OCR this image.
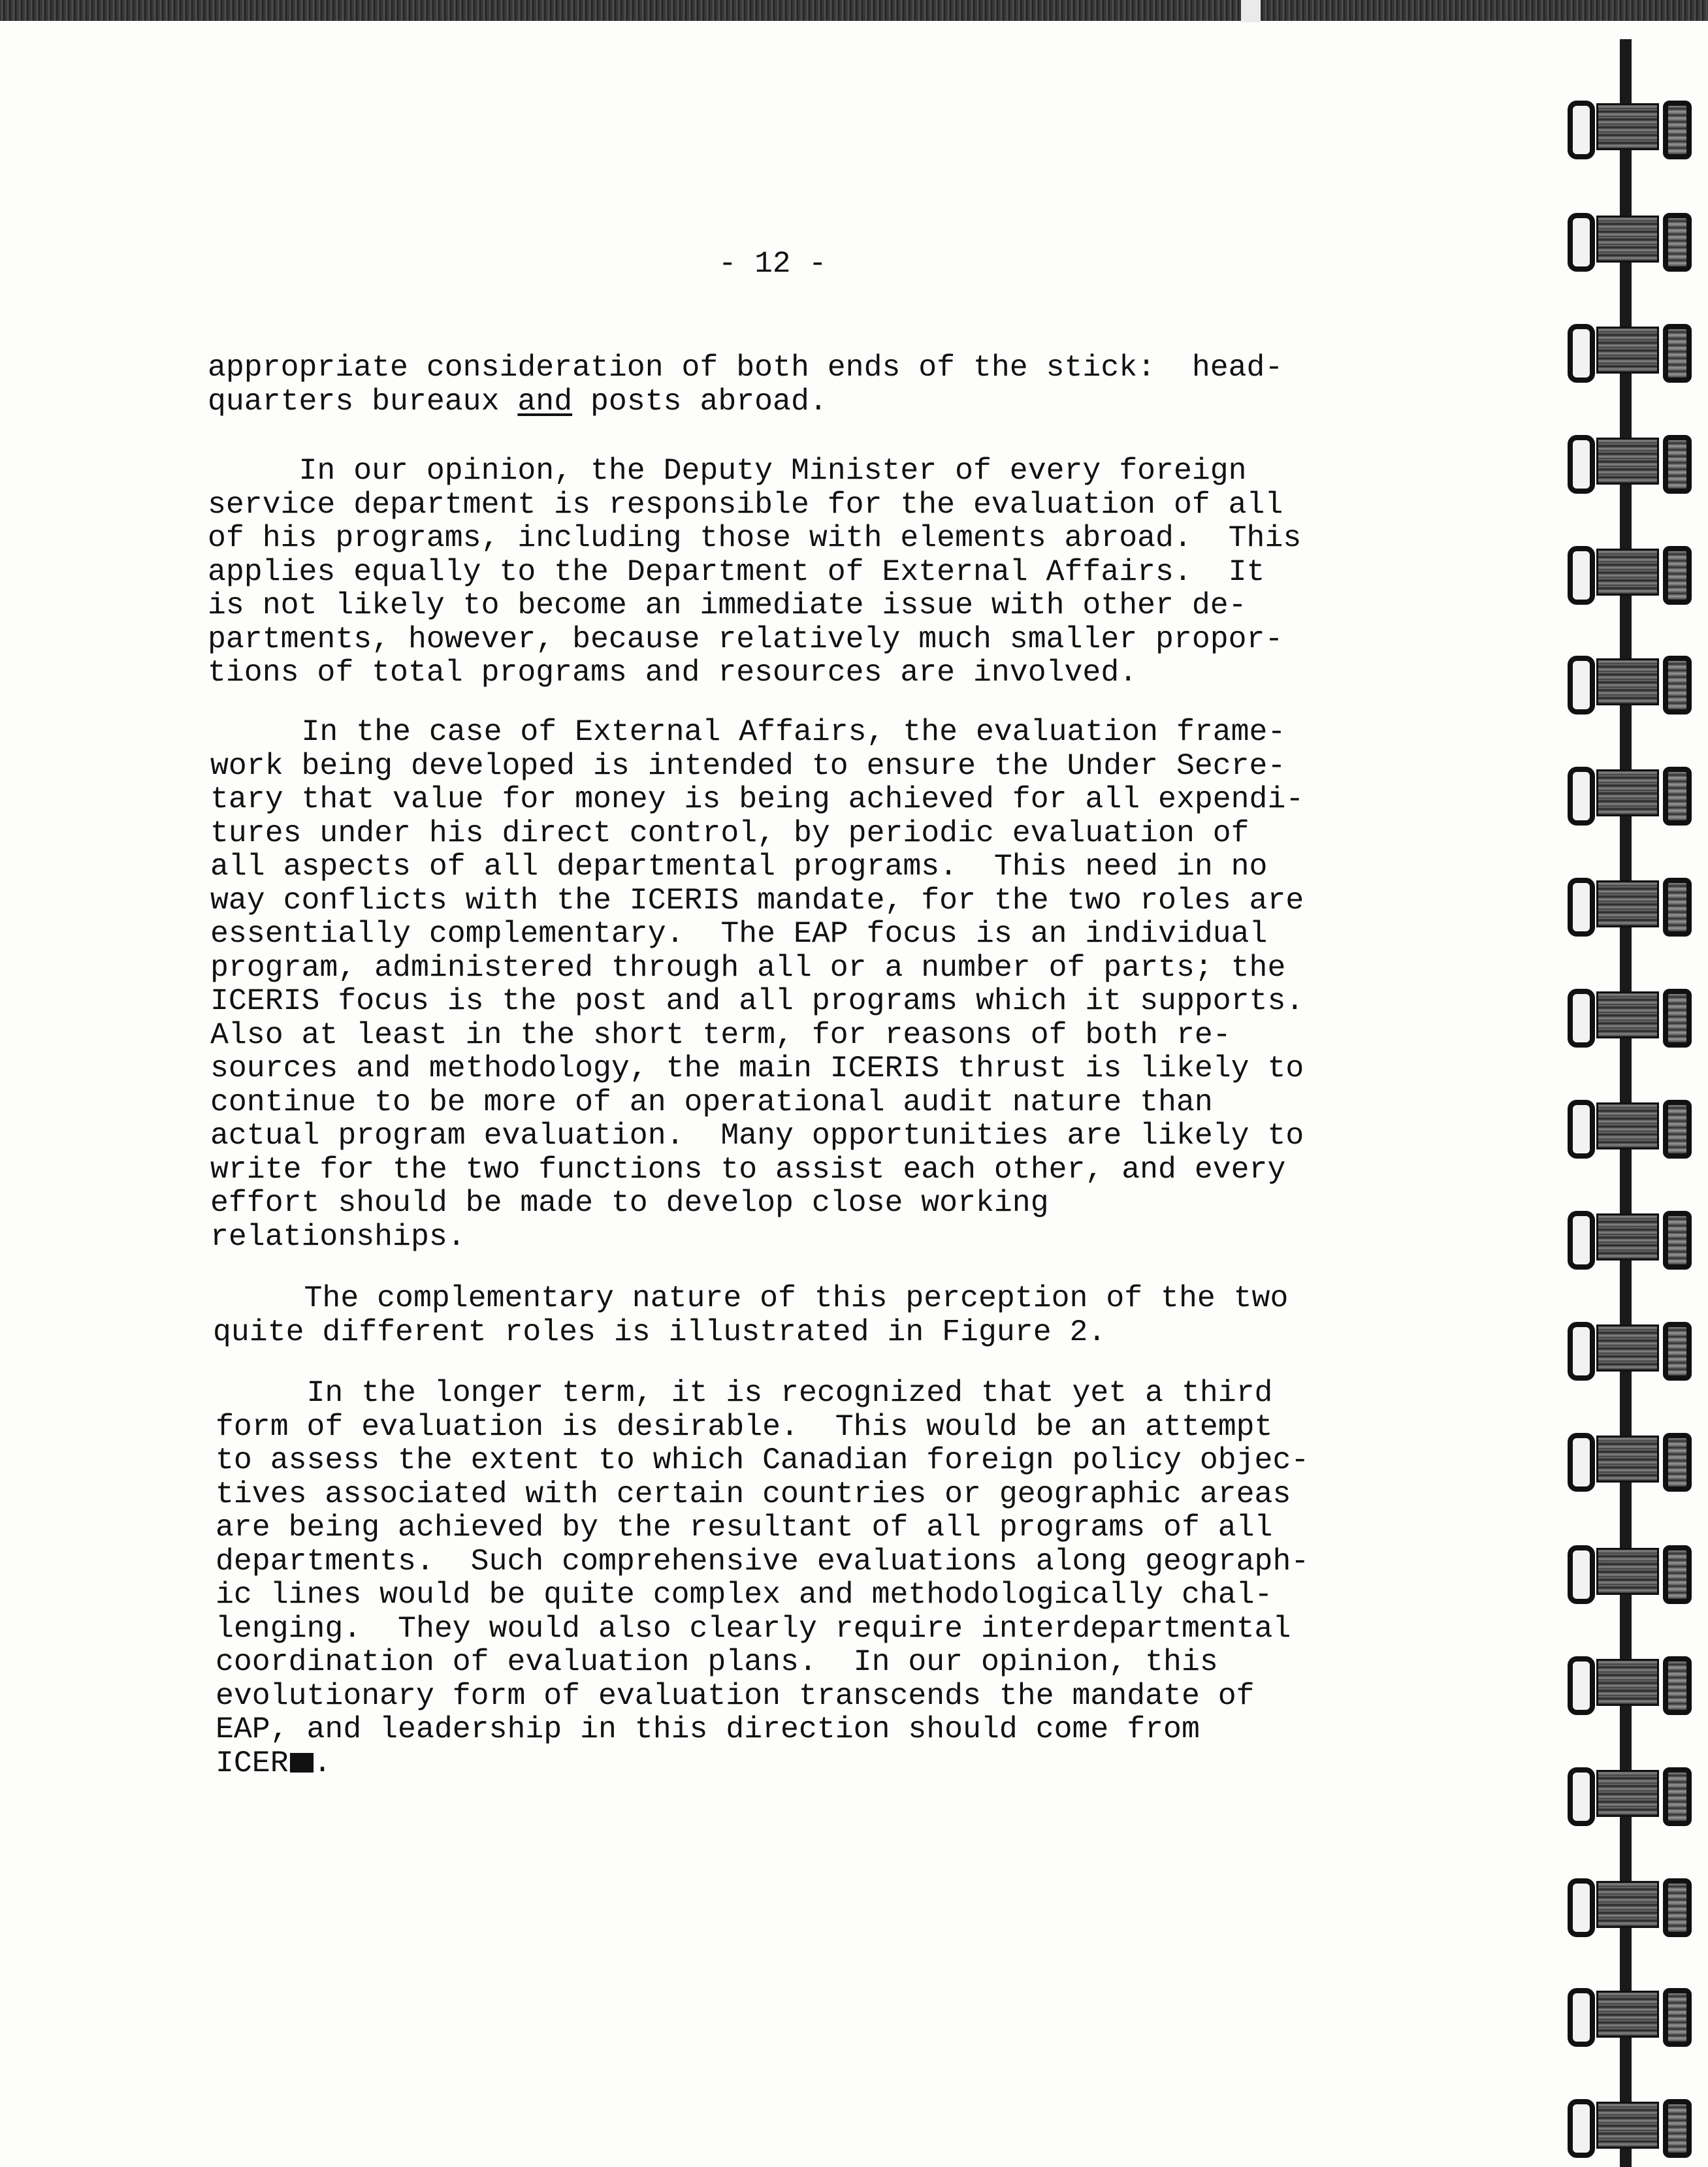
- 12 -
appropriate consideration of both ends of the stick:  head-
quarters bureaux and posts abroad.
In our opinion, the Deputy Minister of every foreign
service department is responsible for the evaluation of all
of his programs, including those with elements abroad.  This
applies equally to the Department of External Affairs.  It
is not likely to become an immediate issue with other de-
partments, however, because relatively much smaller propor-
tions of total programs and resources are involved.
In the case of External Affairs, the evaluation frame-
work being developed is intended to ensure the Under Secre-
tary that value for money is being achieved for all expendi-
tures under his direct control, by periodic evaluation of
all aspects of all departmental programs.  This need in no
way conflicts with the ICERIS mandate, for the two roles are
essentially complementary.  The EAP focus is an individual
program, administered through all or a number of parts; the
ICERIS focus is the post and all programs which it supports.
Also at least in the short term, for reasons of both re-
sources and methodology, the main ICERIS thrust is likely to
continue to be more of an operational audit nature than
actual program evaluation.  Many opportunities are likely to
write for the two functions to assist each other, and every
effort should be made to develop close working
relationships.
The complementary nature of this perception of the two
quite different roles is illustrated in Figure 2.
In the longer term, it is recognized that yet a third
form of evaluation is desirable.  This would be an attempt
to assess the extent to which Canadian foreign policy objec-
tives associated with certain countries or geographic areas
are being achieved by the resultant of all programs of all
departments.  Such comprehensive evaluations along geograph-
ic lines would be quite complex and methodologically chal-
lenging.  They would also clearly require interdepartmental
coordination of evaluation plans.  In our opinion, this
evolutionary form of evaluation transcends the mandate of
EAP, and leadership in this direction should come from
ICER .
